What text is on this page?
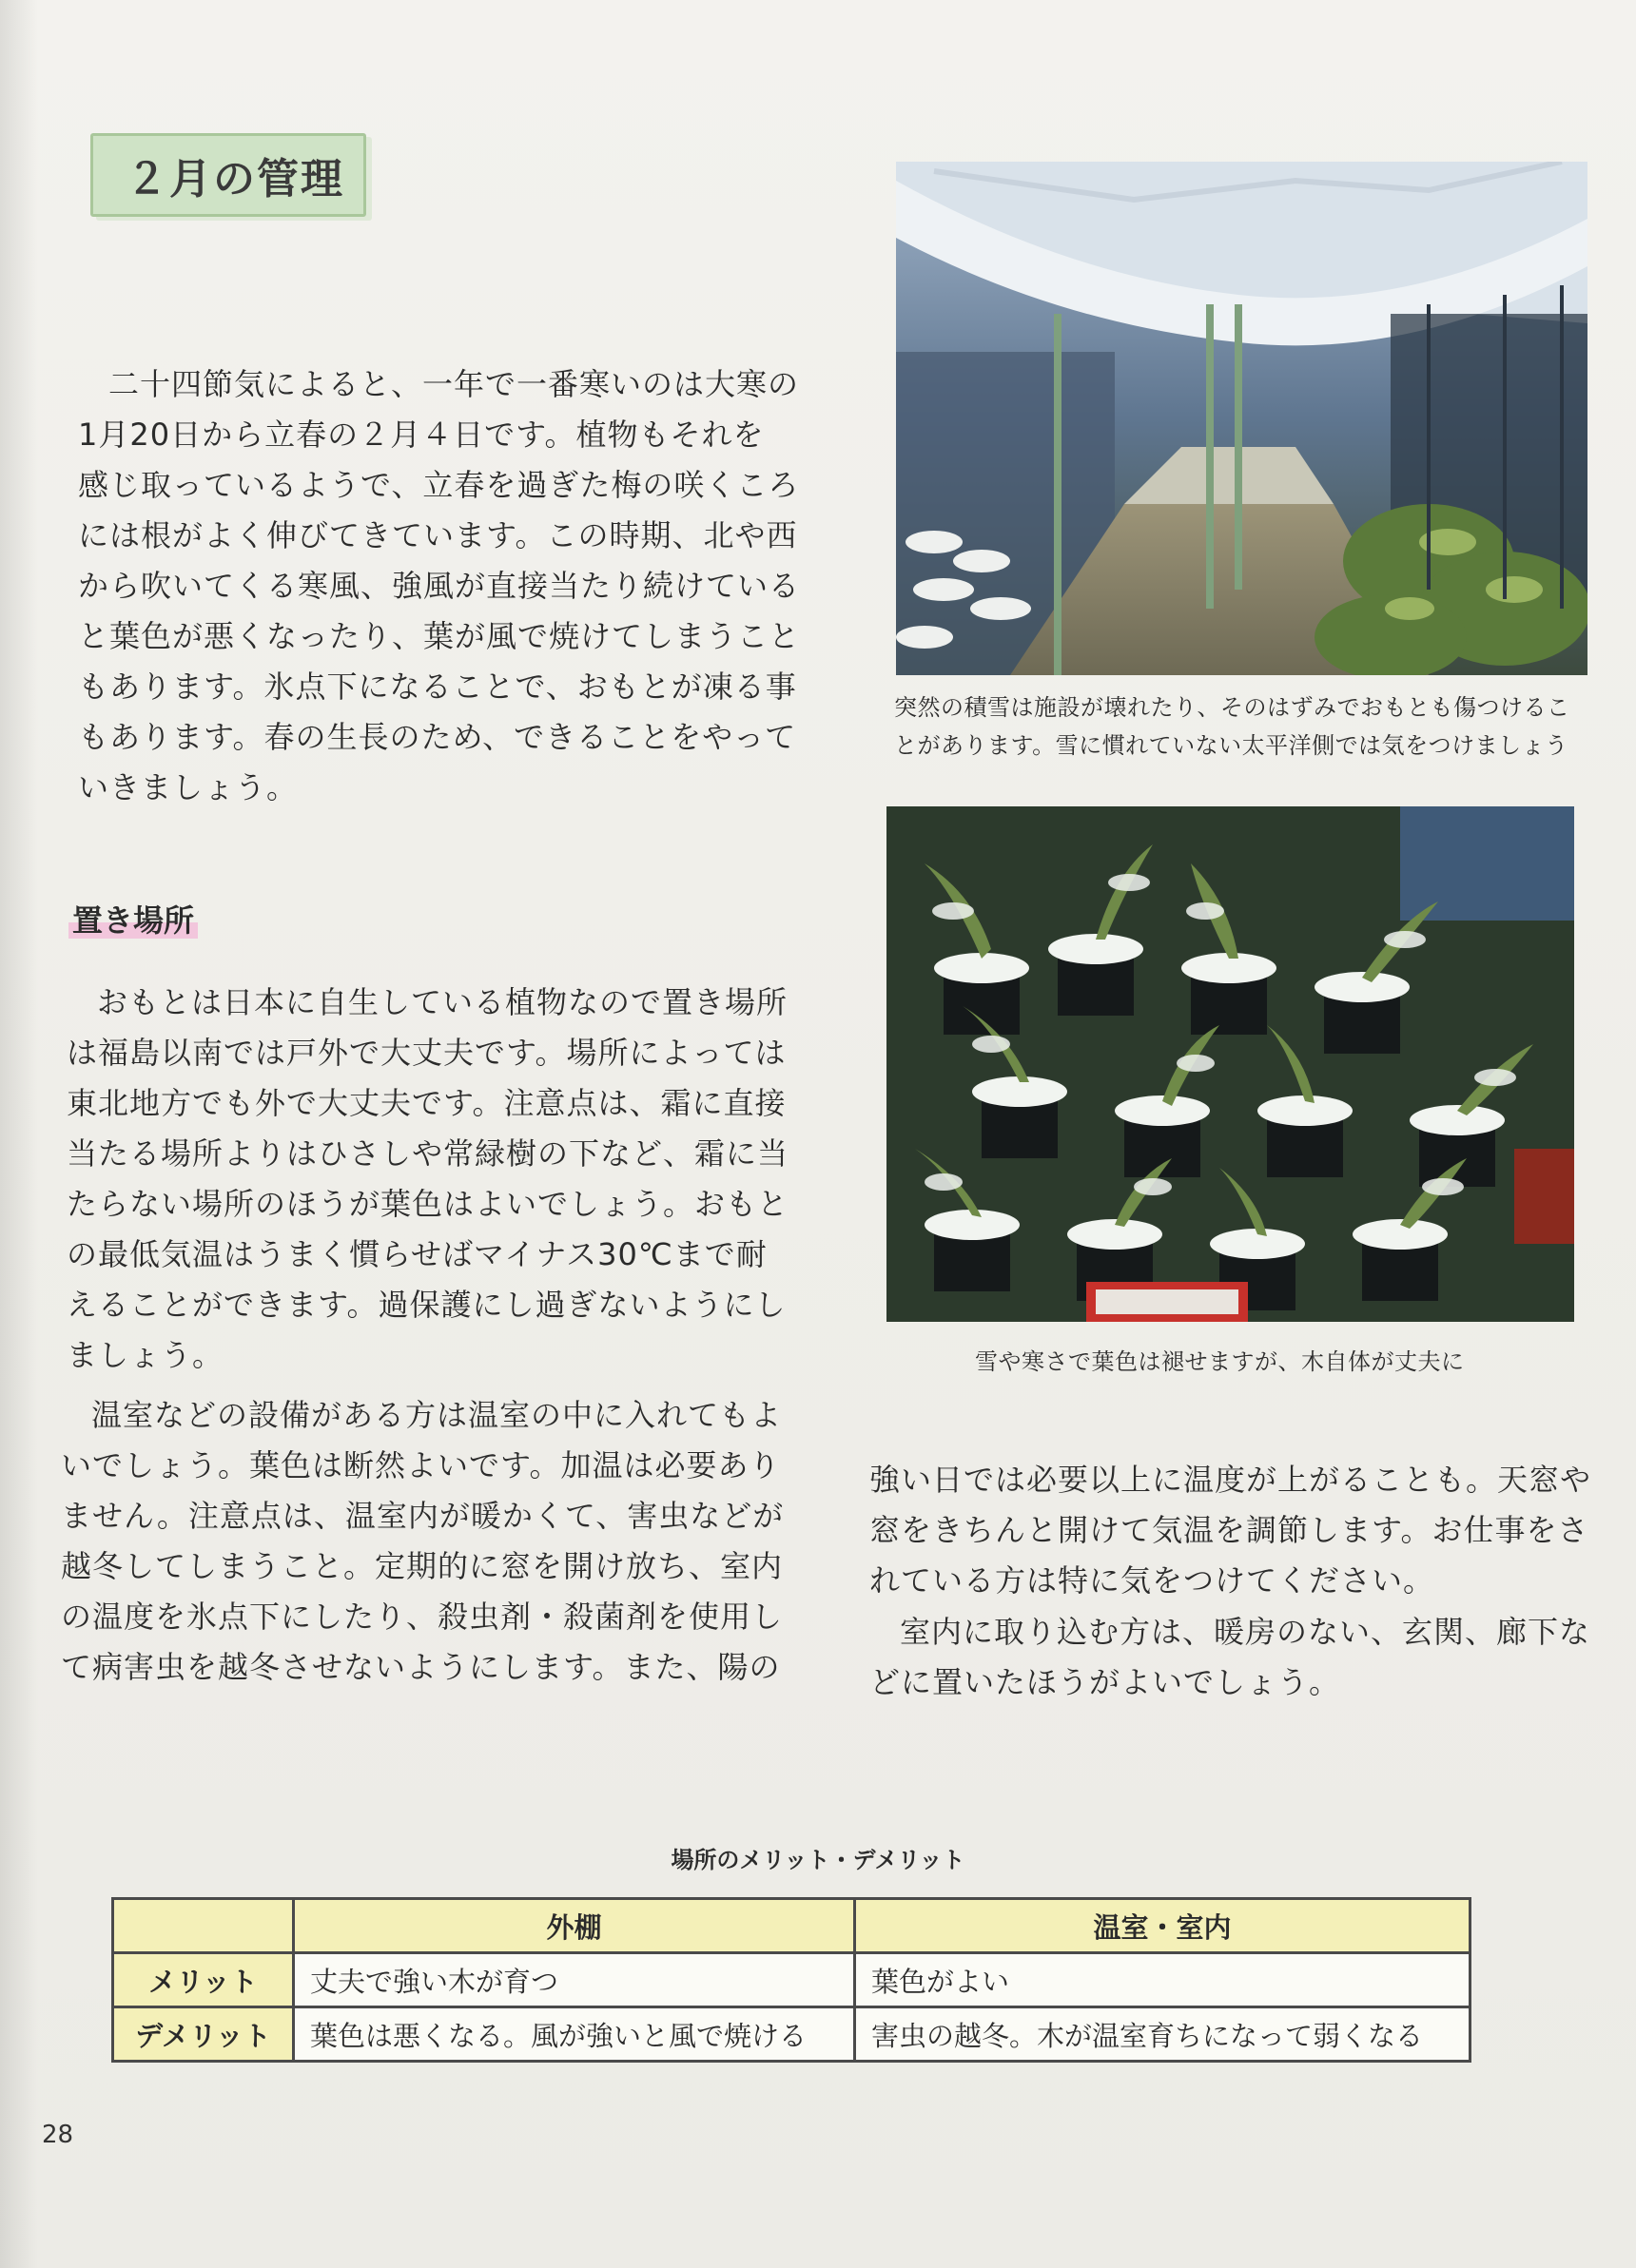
２月の管理

二十四節気によると、一年で一番寒いのは大寒の

1月20日から立春の２月４日です。植物もそれを

感じ取っているようで、立春を過ぎた梅の咲くころ

には根がよく伸びてきています。この時期、北や西

から吹いてくる寒風、強風が直接当たり続けている

と葉色が悪くなったり、葉が風で焼けてしまうこと

もあります。氷点下になることで、おもとが凍る事

もあります。春の生長のため、できることをやって

いきましょう。

置き場所

おもとは日本に自生している植物なので置き場所

は福島以南では戸外で大丈夫です。場所によっては

東北地方でも外で大丈夫です。注意点は、霜に直接

当たる場所よりはひさしや常緑樹の下など、霜に当

たらない場所のほうが葉色はよいでしょう。おもと

の最低気温はうまく慣らせばマイナス30℃まで耐

えることができます。過保護にし過ぎないようにし

ましょう。

温室などの設備がある方は温室の中に入れてもよ

いでしょう。葉色は断然よいです。加温は必要あり

ません。注意点は、温室内が暖かくて、害虫などが

越冬してしまうこと。定期的に窓を開け放ち、室内

の温度を氷点下にしたり、殺虫剤・殺菌剤を使用し

て病害虫を越冬させないようにします。また、陽の

突然の積雪は施設が壊れたり、そのはずみでおもとも傷つけるこ
とがあります。雪に慣れていない太平洋側では気をつけましょう
雪や寒さで葉色は褪せますが、木自体が丈夫に

強い日では必要以上に温度が上がることも。天窓や

窓をきちんと開けて気温を調節します。お仕事をさ

れている方は特に気をつけてください。

室内に取り込む方は、暖房のない、玄関、廊下な

どに置いたほうがよいでしょう。

場所のメリット・デメリット
	外棚	温室・室内
メリット	丈夫で強い木が育つ	葉色がよい
デメリット	葉色は悪くなる。風が強いと風で焼ける	害虫の越冬。木が温室育ちになって弱くなる
28
